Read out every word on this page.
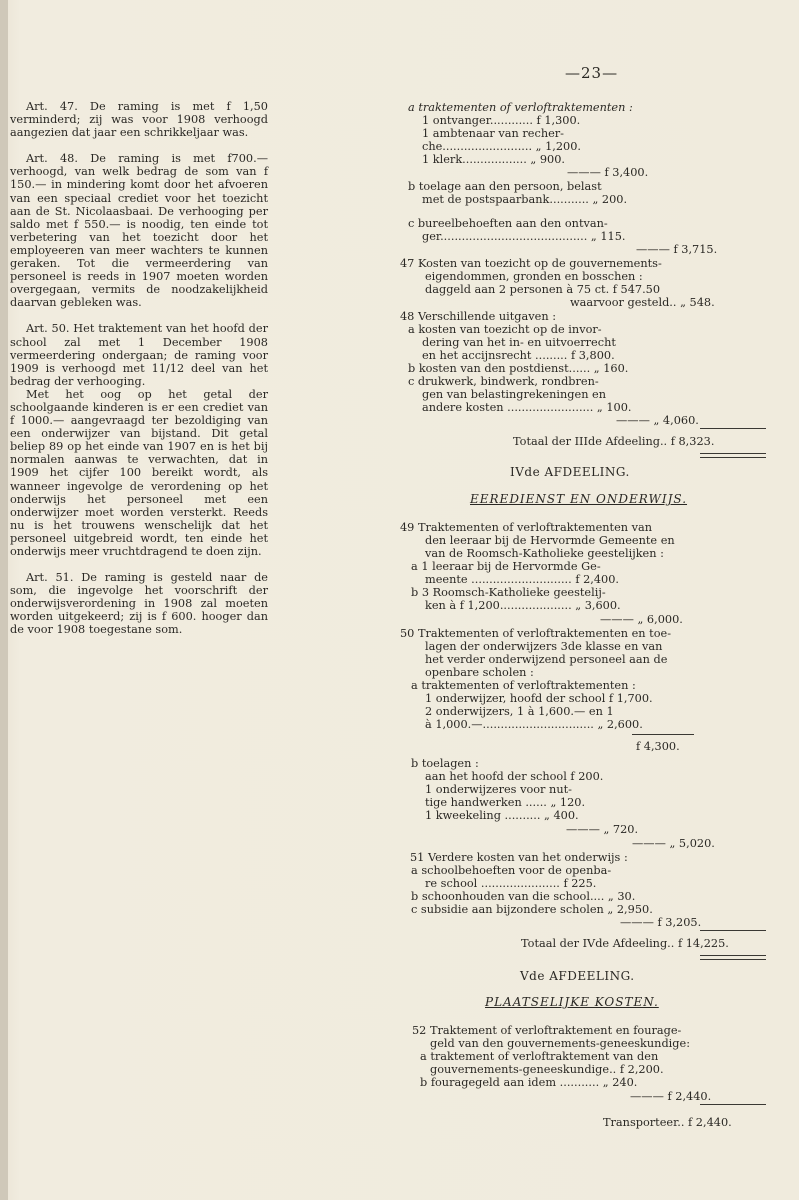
—23—

Art. 47. De raming is met f 1,50 verminderd; zij was voor 1908 verhoogd aangezien dat jaar een schrikkeljaar was.

Art. 48. De raming is met f700.— verhoogd, van welk bedrag de som van f 150.— in mindering komt door het afvoeren van een speciaal crediet voor het toezicht aan de St. Nicolaasbaai. De verhooging per saldo met f 550.— is noodig, ten einde tot verbetering van het toezicht door het employeeren van meer wachters te kunnen geraken. Tot die vermeerdering van personeel is reeds in 1907 moeten worden overgegaan, vermits de noodzakelijkheid daarvan gebleken was.

Art. 50. Het traktement van het hoofd der school zal met 1 December 1908 vermeerdering ondergaan; de raming voor 1909 is verhoogd met 11/12 deel van het bedrag der verhooging.

Met het oog op het getal der schoolgaande kinderen is er een crediet van f 1000.— aangevraagd ter bezoldiging van een onderwijzer van bijstand. Dit getal beliep 89 op het einde van 1907 en is het bij normalen aanwas te verwachten, dat in 1909 het cijfer 100 bereikt wordt, als wanneer ingevolge de verordening op het onderwijs het personeel met een onderwijzer moet worden versterkt. Reeds nu is het trouwens wenschelijk dat het personeel uitgebreid wordt, ten einde het onderwijs meer vruchtdragend te doen zijn.

Art. 51. De raming is gesteld naar de som, die ingevolge het voorschrift der onderwijsverordening in 1908 zal moeten worden uitgekeerd; zij is f 600. hooger dan de voor 1908 toegestane som.

a traktementen of verloftraktementen :
1 ontvanger............ f 1,300.
1 ambtenaar van recher-
che......................... „ 1,200.
1 klerk.................. „ 900.
——— f 3,400.
b toelage aan den persoon, belast
met de postspaarbank........... „ 200.
c bureelbehoeften aan den ontvan-
ger......................................... „ 115.
——— f 3,715.
47 Kosten van toezicht op de gouvernements-
eigendommen, gronden en bosschen :
daggeld aan 2 personen à 75 ct. f 547.50
waarvoor gesteld.. „ 548.
48 Verschillende uitgaven :
a kosten van toezicht op de invor-
dering van het in- en uitvoerrecht
en het accijnsrecht ......... f 3,800.
b kosten van den postdienst...... „ 160.
c drukwerk, bindwerk, rondbren-
gen van belastingrekeningen en
andere kosten ........................ „ 100.
——— „ 4,060.
Totaal der IIIde Afdeeling.. f 8,323.
IVde AFDEELING.
EEREDIENST EN ONDERWIJS.
49 Traktementen of verloftraktementen van
den leeraar bij de Hervormde Gemeente en
van de Roomsch-Katholieke geestelijken :
a 1 leeraar bij de Hervormde Ge-
meente ............................ f 2,400.
b 3 Roomsch-Katholieke geestelij-
ken à f 1,200.................... „ 3,600.
——— „ 6,000.
50 Traktementen of verloftraktementen en toe-
lagen der onderwijzers 3de klasse en van
het verder onderwijzend personeel aan de
openbare scholen :
a traktementen of verloftraktementen :
1 onderwijzer, hoofd der school f 1,700.
2 onderwijzers, 1 à 1,600.— en 1
à 1,000.—............................... „ 2,600.
f 4,300.
b toelagen :
aan het hoofd der school f 200.
1 onderwijzeres voor nut-
tige handwerken ...... „ 120.
1 kweekeling .......... „ 400.
——— „ 720.
——— „ 5,020.
51 Verdere kosten van het onderwijs :
a schoolbehoeften voor de openba-
re school ...................... f 225.
b schoonhouden van die school.... „ 30.
c subsidie aan bijzondere scholen „ 2,950.
——— f 3,205.
Totaal der IVde Afdeeling.. f 14,225.
Vde AFDEELING.
PLAATSELIJKE KOSTEN.
52 Traktement of verloftraktement en fourage-
geld van den gouvernements-geneeskundige:
a traktement of verloftraktement van den
gouvernements-geneeskundige.. f 2,200.
b fouragegeld aan idem ........... „ 240.
——— f 2,440.
Transporteer.. f 2,440.
